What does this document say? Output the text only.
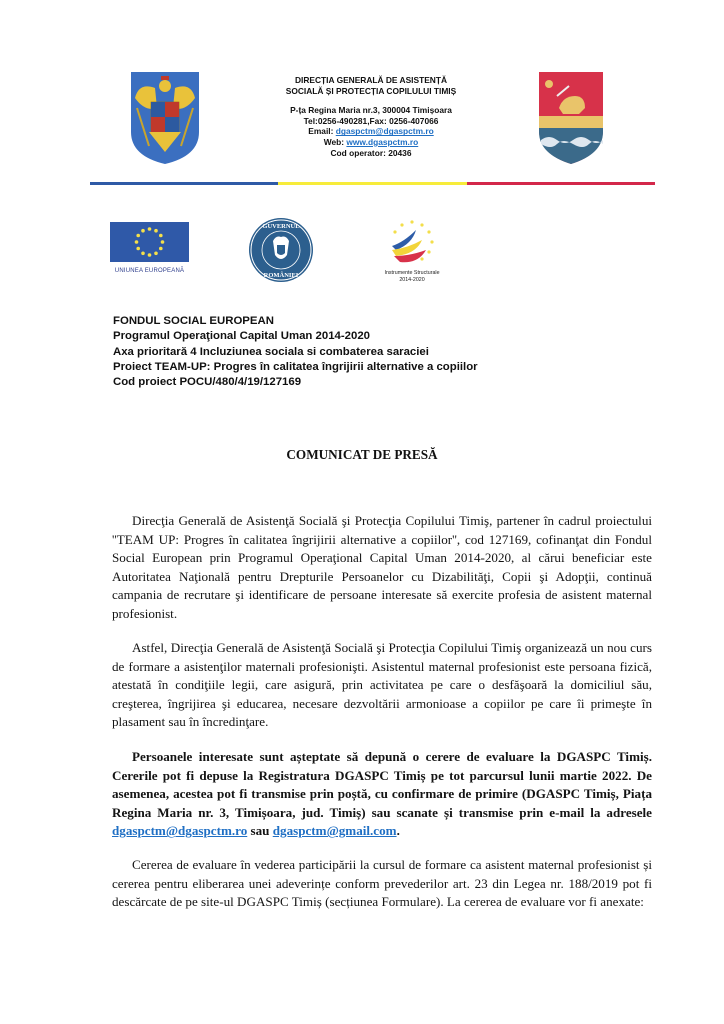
DIRECȚIA GENERALĂ DE ASISTENȚĂ
SOCIALĂ ȘI PROTECȚIA COPILULUI TIMIȘ
P-ța Regina Maria nr.3, 300004 Timișoara
Tel:0256-490281,Fax: 0256-407066
Email: dgaspctm@dgaspctm.ro
Web: www.dgaspctm.ro
Cod operator: 20436
UNIUNEA EUROPEANĂ
GUVERNUL
ROMÂNIEI	Instrumente Structurale
2014-2020
FONDUL SOCIAL EUROPEAN
Programul Operaţional Capital Uman 2014-2020
Axa prioritară 4 Incluziunea sociala si combaterea saraciei
Proiect TEAM-UP: Progres în calitatea îngrijirii alternative a copiilor
Cod proiect POCU/480/4/19/127169
COMUNICAT DE PRESĂ
Direcţia Generală de Asistenţă Socială şi Protecţia Copilului Timiş, partener în cadrul proiectului ''TEAM UP: Progres în calitatea îngrijirii alternative a copiilor'', cod 127169, cofinanţat din Fondul Social European prin Programul Operaţional Capital Uman 2014-2020, al cărui beneficiar este Autoritatea Naţională pentru Drepturile Persoanelor cu Dizabilităţi, Copii şi Adopţii, continuă campania de recrutare şi identificare de persoane interesate să exercite profesia de asistent maternal profesionist.
Astfel, Direcţia Generală de Asistenţă Socială şi Protecţia Copilului Timiş organizează un nou curs de formare a asistenţilor maternali profesionişti. Asistentul maternal profesionist este persoana fizică, atestată în condiţiile legii, care asigură, prin activitatea pe care o desfăşoară la domiciliul său, creşterea, îngrijirea şi educarea, necesare dezvoltării armonioase a copiilor pe care îi primeşte în plasament sau în încredinţare.
Persoanele interesate sunt așteptate să depună o cerere de evaluare la DGASPC Timiș. Cererile pot fi depuse la Registratura DGASPC Timiș pe tot parcursul lunii martie 2022. De asemenea, acestea pot fi transmise prin poștă, cu confirmare de primire (DGASPC Timiș, Piața Regina Maria nr. 3, Timișoara, jud. Timiș) sau scanate și transmise prin e-mail la adresele dgaspctm@dgaspctm.ro sau dgaspctm@gmail.com.
Cererea de evaluare în vederea participării la cursul de formare ca asistent maternal profesionist și cererea pentru eliberarea unei adeverințe conform prevederilor art. 23 din Legea nr. 188/2019 pot fi descărcate de pe site-ul DGASPC Timiș (secțiunea Formulare). La cererea de evaluare vor fi anexate:
